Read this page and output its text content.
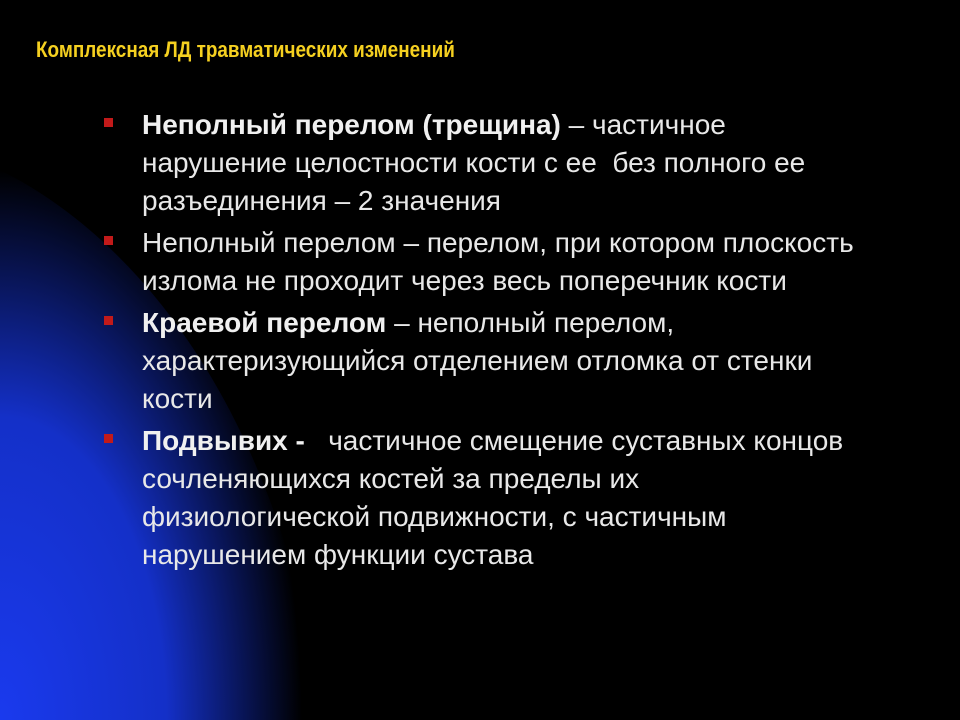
Комплексная ЛД травматических изменений
Неполный перелом (трещина) – частичное нарушение целостности кости с ее  без полного ее разъединения – 2 значения
Неполный перелом – перелом, при котором плоскость излома не проходит через весь поперечник кости
Краевой перелом – неполный перелом, характеризующийся отделением отломка от стенки кости
Подвывих -   частичное смещение суставных концов сочленяющихся костей за пределы их физиологической подвижности, с частичным нарушением функции сустава
